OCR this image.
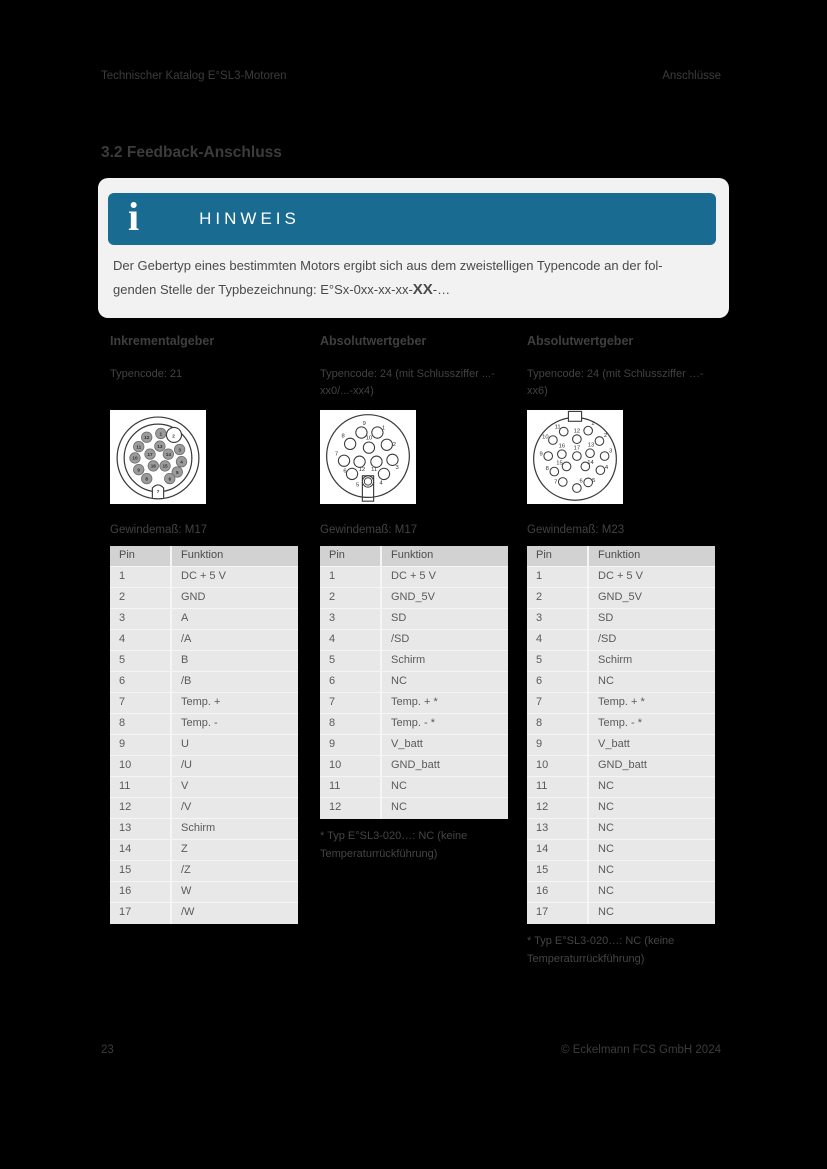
Technischer Katalog E°SL3-Motoren	Anschlüsse
3.2 Feedback-Anschluss
i	HINWEIS
Der Gebertyp eines bestimmten Motors ergibt sich aus dem zweistelligen Typencode an der fol-
genden Stelle der Typbezeichnung: E°Sx-0xx-xx-xx-XX-…
Inkrementalgeber
Typencode: 21
1 2
12
11	13
3
17	14
10
4
16 15
9	5
8	6
7
Gewindemaß: M17
Pin	Funktion
1	DC + 5 V
2	GND
3	A
4	/A
5	B
6	/B
7	Temp. +
8	Temp. -
9	U
10	/U
11	V
12	/V
13	Schirm
14	Z
15	/Z
16	W
17	/W
Absolutwertgeber
Typencode: 24 (mit Schlussziffer ...-xx0/...-xx4)
9
1
8	10
2
7
12 11	3
6
4
5
Gewindemaß: M17
Pin	Funktion
1	DC + 5 V
2	GND_5V
3	SD
4	/SD
5	Schirm
6	NC
7	Temp. + *
8	Temp. - *
9	V_batt
10	GND_batt
11	NC
12	NC
* Typ E°SL3-020…: NC (keine Temperaturrückführung)
Absolutwertgeber
Typencode: 24 (mit Schlussziffer …-xx6)
11
1
12
2
10
16	13
3
9
17
15	14
8	4
7	5
6
Gewindemaß: M23
Pin	Funktion
1	DC + 5 V
2	GND_5V
3	SD
4	/SD
5	Schirm
6	NC
7	Temp. + *
8	Temp. - *
9	V_batt
10	GND_batt
11	NC
12	NC
13	NC
14	NC
15	NC
16	NC
17	NC
* Typ E°SL3-020…: NC (keine Temperaturrückführung)
23	© Eckelmann FCS GmbH 2024
